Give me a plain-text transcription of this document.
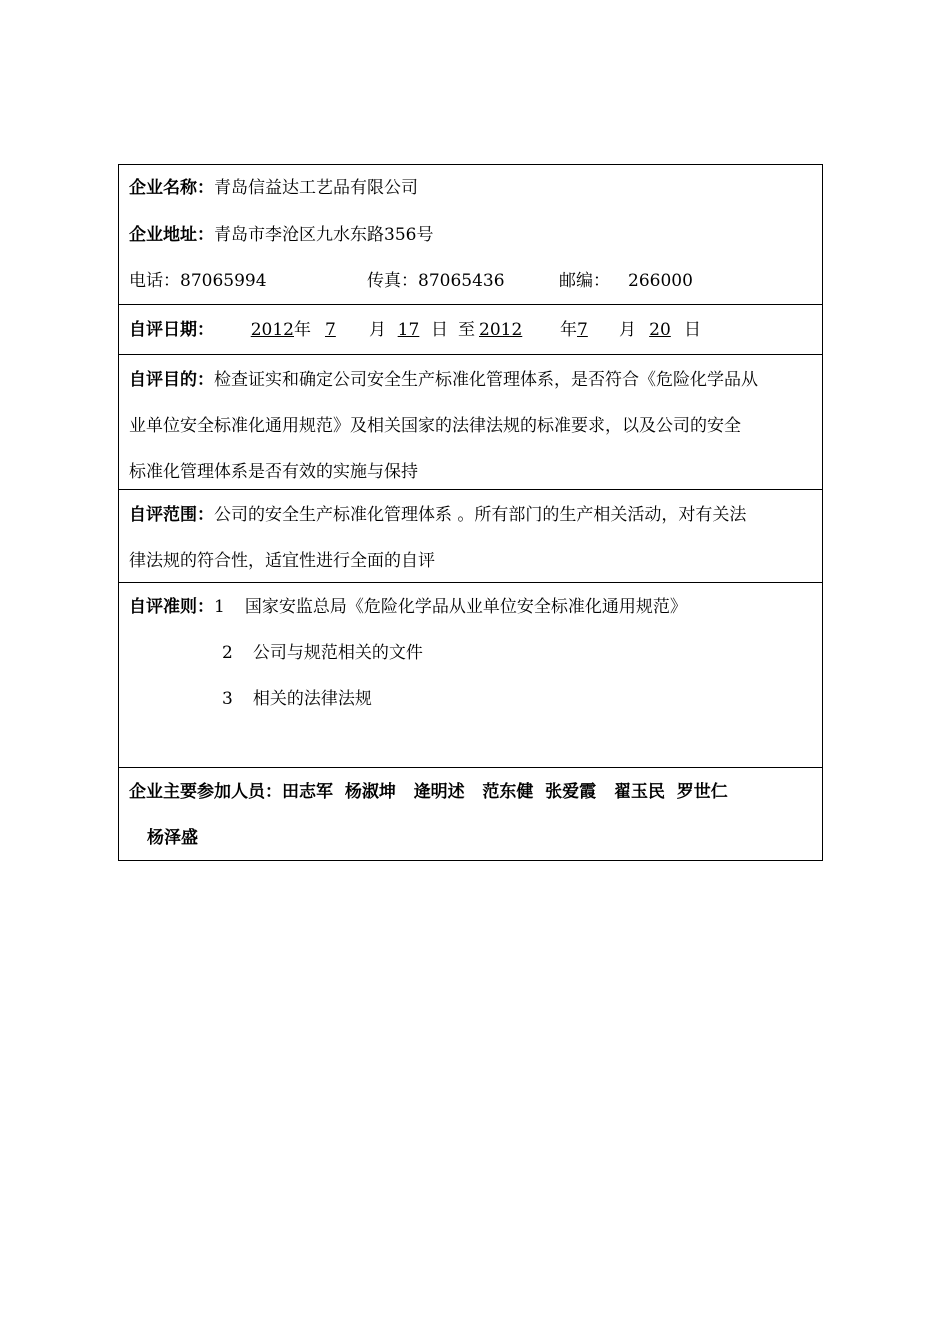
企业名称：青岛信益达工艺品有限公司
企业地址：青岛市李沧区九水东路356号
电话：87065994	传真：87065436	邮编： 266000
自评日期： 2012年 7 月 17 日 至 2012 年7 月 20 日
自评目的：检查证实和确定公司安全生产标准化管理体系，是否符合《危险化学品从
业单位安全标准化通用规范》及相关国家的法律法规的标准要求，以及公司的安全
标准化管理体系是否有效的实施与保持
自评范围：公司的安全生产标准化管理体系 。所有部门的生产相关活动，对有关法
律法规的符合性，适宜性进行全面的自评
自评准则：1 国家安监总局《危险化学品从业单位安全标准化通用规范》
2 公司与规范相关的文件
3 相关的法律法规
企业主要参加人员：田志军  杨淑坤   逄明述   范东健  张爱霞   翟玉民  罗世仁
杨泽盛
